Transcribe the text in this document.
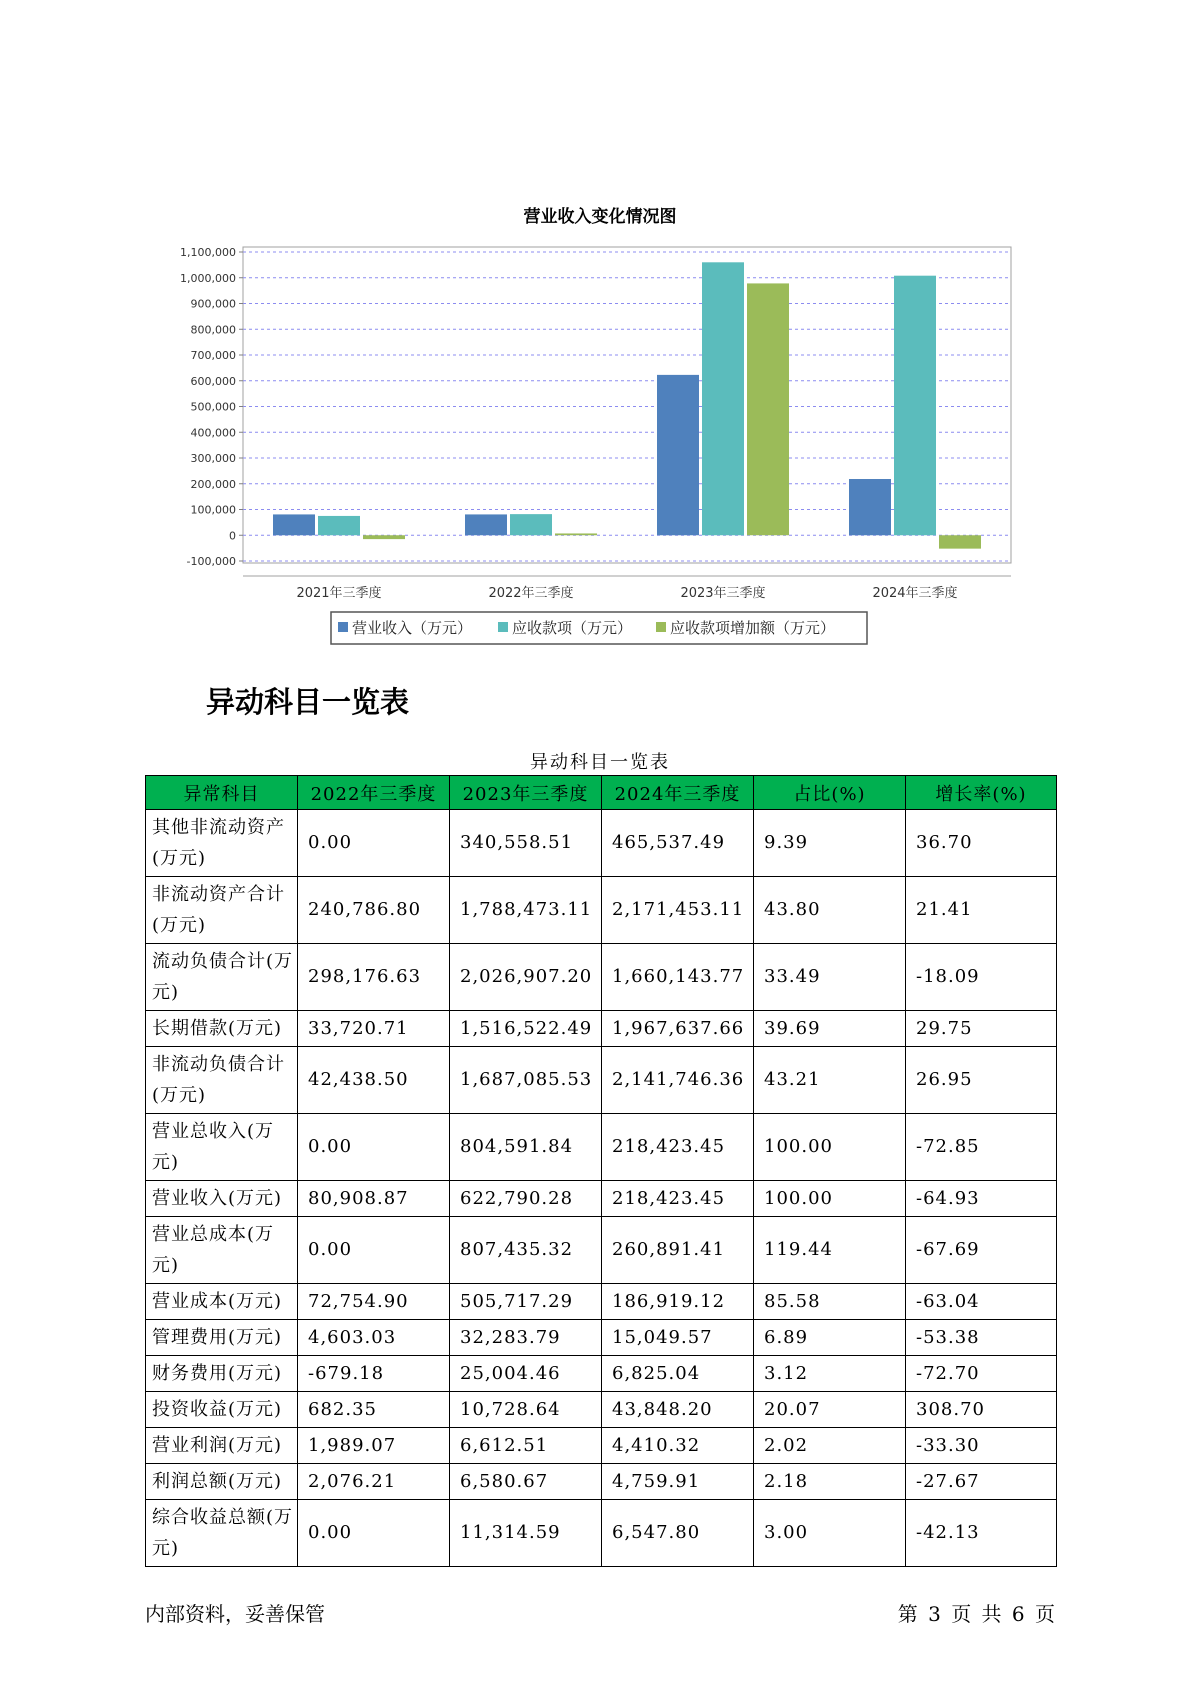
营业收入变化情况图
-100,000
0
100,000
200,000
300,000
400,000
500,000
600,000
700,000
800,000
900,000
1,000,000
1,100,000
2021年三季度	2022年三季度	2023年三季度	2024年三季度
营业收入（万元）	应收款项（万元）	应收款项增加额（万元）
异动科目一览表
异动科目一览表
异常科目	2022年三季度	2023年三季度	2024年三季度	占比(%)	增长率(%)
其他非流动资产(万元)	0.00	340,558.51	465,537.49	9.39	36.70
非流动资产合计(万元)	240,786.80	1,788,473.11	2,171,453.11	43.80	21.41
流动负债合计(万元)	298,176.63	2,026,907.20	1,660,143.77	33.49	-18.09
长期借款(万元)	33,720.71	1,516,522.49	1,967,637.66	39.69	29.75
非流动负债合计(万元)	42,438.50	1,687,085.53	2,141,746.36	43.21	26.95
营业总收入(万元)	0.00	804,591.84	218,423.45	100.00	-72.85
营业收入(万元)	80,908.87	622,790.28	218,423.45	100.00	-64.93
营业总成本(万元)	0.00	807,435.32	260,891.41	119.44	-67.69
营业成本(万元)	72,754.90	505,717.29	186,919.12	85.58	-63.04
管理费用(万元)	4,603.03	32,283.79	15,049.57	6.89	-53.38
财务费用(万元)	-679.18	25,004.46	6,825.04	3.12	-72.70
投资收益(万元)	682.35	10,728.64	43,848.20	20.07	308.70
营业利润(万元)	1,989.07	6,612.51	4,410.32	2.02	-33.30
利润总额(万元)	2,076.21	6,580.67	4,759.91	2.18	-27.67
综合收益总额(万元)	0.00	11,314.59	6,547.80	3.00	-42.13
内部资料，妥善保管	第 3 页 共 6 页
